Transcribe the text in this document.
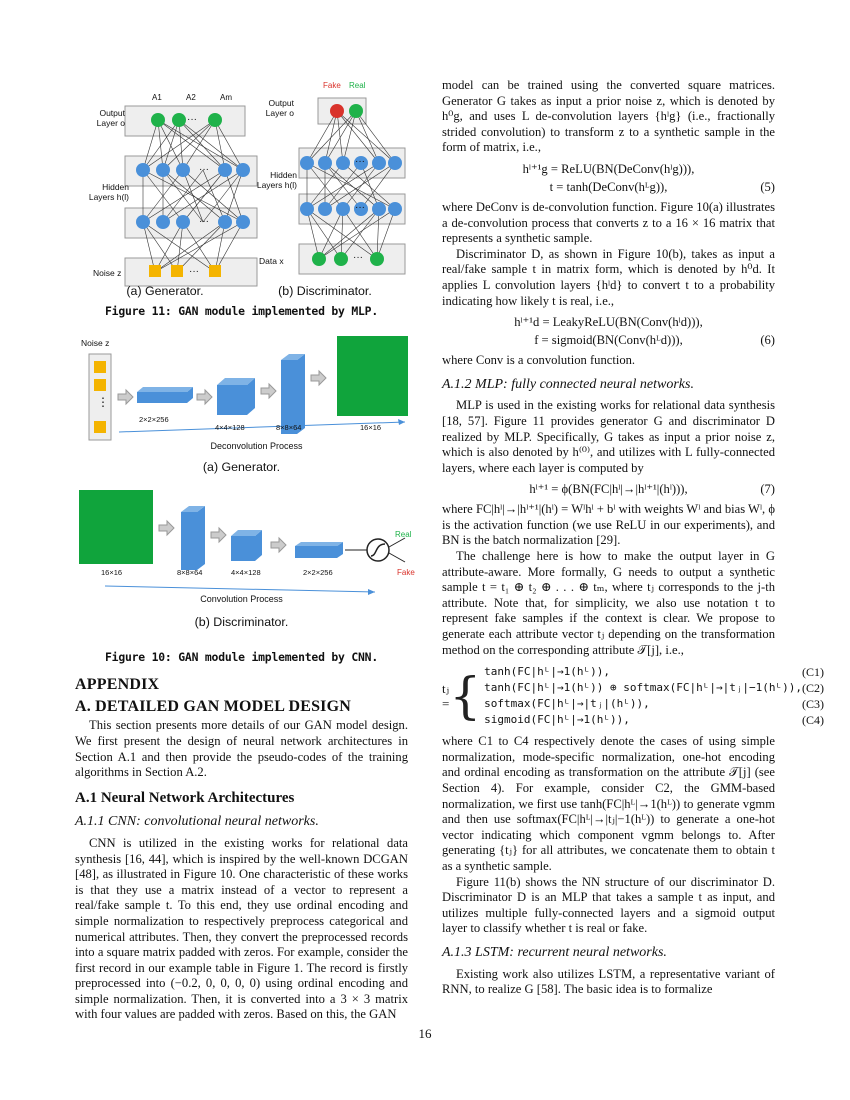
A1	A2	Am
···
···
···
···
Output Layer o
Hidden Layers h(l)
Noise z
Fake Real
Output Layer o
Hidden Layers h(l)
Data x
···
···
···
(a) Generator.	(b) Discriminator.
Figure 11: GAN module implemented by MLP.
Noise z
⋮
2×2×256
4×4×128	8×8×64	16×16
Deconvolution Process
(a) Generator.
16×16	8×8×64	4×4×128	2×2×256
Real
Fake
Convolution Process
(b) Discriminator.
Figure 10: GAN module implemented by CNN.
APPENDIX
A. DETAILED GAN MODEL DESIGN

This section presents more details of our GAN model design. We first present the design of neural network architectures in Section A.1 and then provide the pseudo-codes of the training algorithms in Section A.2.

A.1 Neural Network Architectures
A.1.1 CNN: convolutional neural networks.

CNN is utilized in the existing works for relational data synthesis [16, 44], which is inspired by the well-known DCGAN [48], as illustrated in Figure 10. One characteristic of these works is that they use a matrix instead of a vector to represent a real/fake sample t. To this end, they use ordinal encoding and simple normalization to respectively preprocess categorical and numerical attributes. Then, they convert the preprocessed records into a square matrix padded with zeros. For example, consider the first record in our example table in Figure 1. The record is firstly preprocessed into (−0.2, 0, 0, 0, 0) using ordinal encoding and simple normalization. Then, it is converted into a 3 × 3 matrix with four values are padded with zeros. Based on this, the GAN

model can be trained using the converted square matrices. Generator G takes as input a prior noise z, which is denoted by h⁰g, and uses L de-convolution layers {hˡg} (i.e., fractionally strided convolution) to transform z to a synthetic sample in the form of matrix, i.e.,

hˡ⁺¹g = ReLU(BN(DeConv(hˡg))),
t = tanh(DeConv(hᴸg)),	(5)

where DeConv is de-convolution function. Figure 10(a) illustrates a de-convolution process that converts z to a 16 × 16 matrix that represents a synthetic sample.

Discriminator D, as shown in Figure 10(b), takes as input a real/fake sample t in matrix form, which is denoted by h⁰d. It applies L convolution layers {hˡd} to convert t to a probability indicating how likely t is real, i.e.,

hˡ⁺¹d = LeakyReLU(BN(Conv(hˡd))),
f = sigmoid(BN(Conv(hᴸd))),	(6)

where Conv is a convolution function.

A.1.2 MLP: fully connected neural networks.

MLP is used in the existing works for relational data synthesis [18, 57]. Figure 11 provides generator G and discriminator D realized by MLP. Specifically, G takes as input a prior noise z, which is also denoted by h⁽⁰⁾, and utilizes with L fully-connected layers, where each layer is computed by

hˡ⁺¹ = ϕ(BN(FC|hˡ|→|hˡ⁺¹|(hˡ))),	(7)

where FC|hˡ|→|hˡ⁺¹|(hˡ) = Wˡhˡ + bˡ with weights Wˡ and bias Wˡ, ϕ is the activation function (we use ReLU in our experiments), and BN is the batch normalization [29].

The challenge here is how to make the output layer in G attribute-aware. More formally, G needs to output a synthetic sample t = t₁ ⊕ t₂ ⊕ . . . ⊕ tₘ, where tⱼ corresponds to the j-th attribute. Note that, for simplicity, we also use notation t to represent fake samples if the context is clear. We propose to generate each attribute vector tⱼ depending on the transformation method on the corresponding attribute 𝒯[j], i.e.,

tⱼ = { tanh(FC|hᴸ|→1(hᴸ)),	(C1)
tanh(FC|hᴸ|→1(hᴸ)) ⊕ softmax(FC|hᴸ|→|tⱼ|−1(hᴸ)),	(C2)
softmax(FC|hᴸ|→|tⱼ|(hᴸ)),	(C3)
sigmoid(FC|hᴸ|→1(hᴸ)),	(C4)

where C1 to C4 respectively denote the cases of using simple normalization, mode-specific normalization, one-hot encoding and ordinal encoding as transformation on the attribute 𝒯[j] (see Section 4). For example, consider C2, the GMM-based normalization, we first use tanh(FC|hᴸ|→1(hᴸ)) to generate vgmm and then use softmax(FC|hᴸ|→|tⱼ|−1(hᴸ)) to generate a one-hot vector indicating which component vgmm belongs to. After generating {tⱼ} for all attributes, we concatenate them to obtain t as a synthetic sample.

Figure 11(b) shows the NN structure of our discriminator D. Discriminator D is an MLP that takes a sample t as input, and utilizes multiple fully-connected layers and a sigmoid output layer to classify whether t is real or fake.

A.1.3 LSTM: recurrent neural networks.

Existing work also utilizes LSTM, a representative variant of RNN, to realize G [58]. The basic idea is to formalize

16
